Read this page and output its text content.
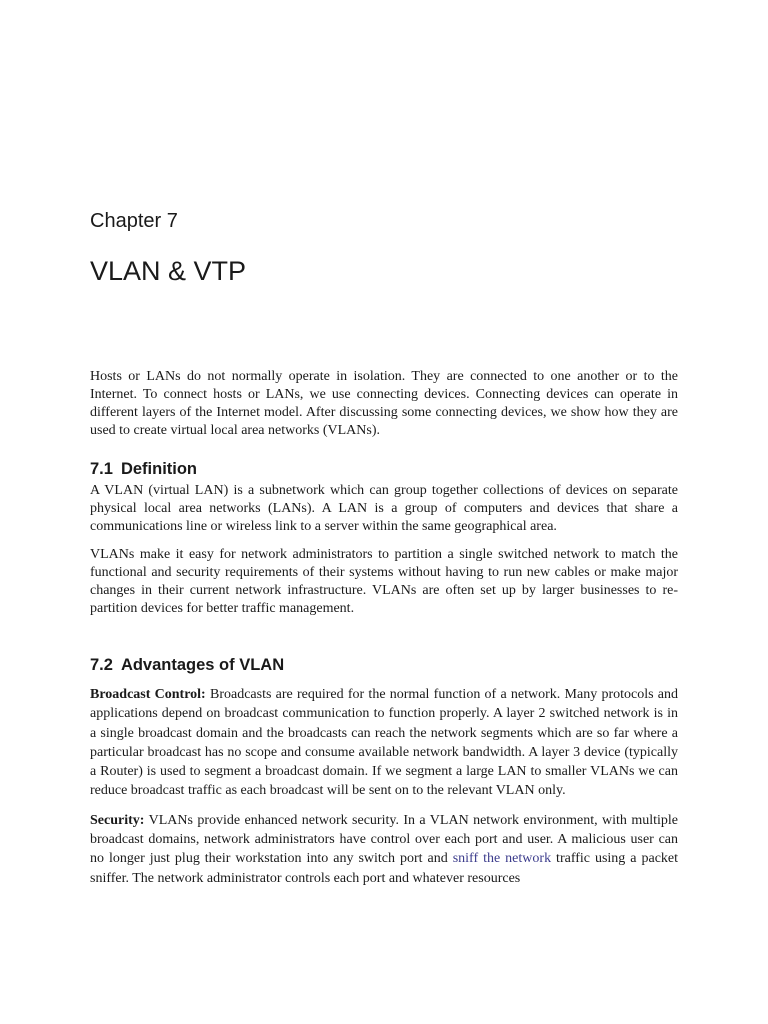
Chapter 7
VLAN & VTP

Hosts or LANs do not normally operate in isolation. They are connected to one another or to the Internet. To connect hosts or LANs, we use connecting devices. Connecting devices can operate in different layers of the Internet model. After discussing some connecting devices, we show how they are used to create virtual local area networks (VLANs).

7.1 Definition

A VLAN (virtual LAN) is a subnetwork which can group together collections of devices on separate physical local area networks (LANs). A LAN is a group of computers and devices that share a communications line or wireless link to a server within the same geographical area.

VLANs make it easy for network administrators to partition a single switched network to match the functional and security requirements of their systems without having to run new cables or make major changes in their current network infrastructure. VLANs are often set up by larger businesses to re-partition devices for better traffic management.

7.2 Advantages of VLAN

Broadcast Control: Broadcasts are required for the normal function of a network. Many protocols and applications depend on broadcast communication to function properly. A layer 2 switched network is in a single broadcast domain and the broadcasts can reach the network segments which are so far where a particular broadcast has no scope and consume available network bandwidth. A layer 3 device (typically a Router) is used to segment a broadcast domain. If we segment a large LAN to smaller VLANs we can reduce broadcast traffic as each broadcast will be sent on to the relevant VLAN only.

Security: VLANs provide enhanced network security. In a VLAN network environment, with multiple broadcast domains, network administrators have control over each port and user. A malicious user can no longer just plug their workstation into any switch port and sniff the network traffic using a packet sniffer. The network administrator controls each port and whatever resources
